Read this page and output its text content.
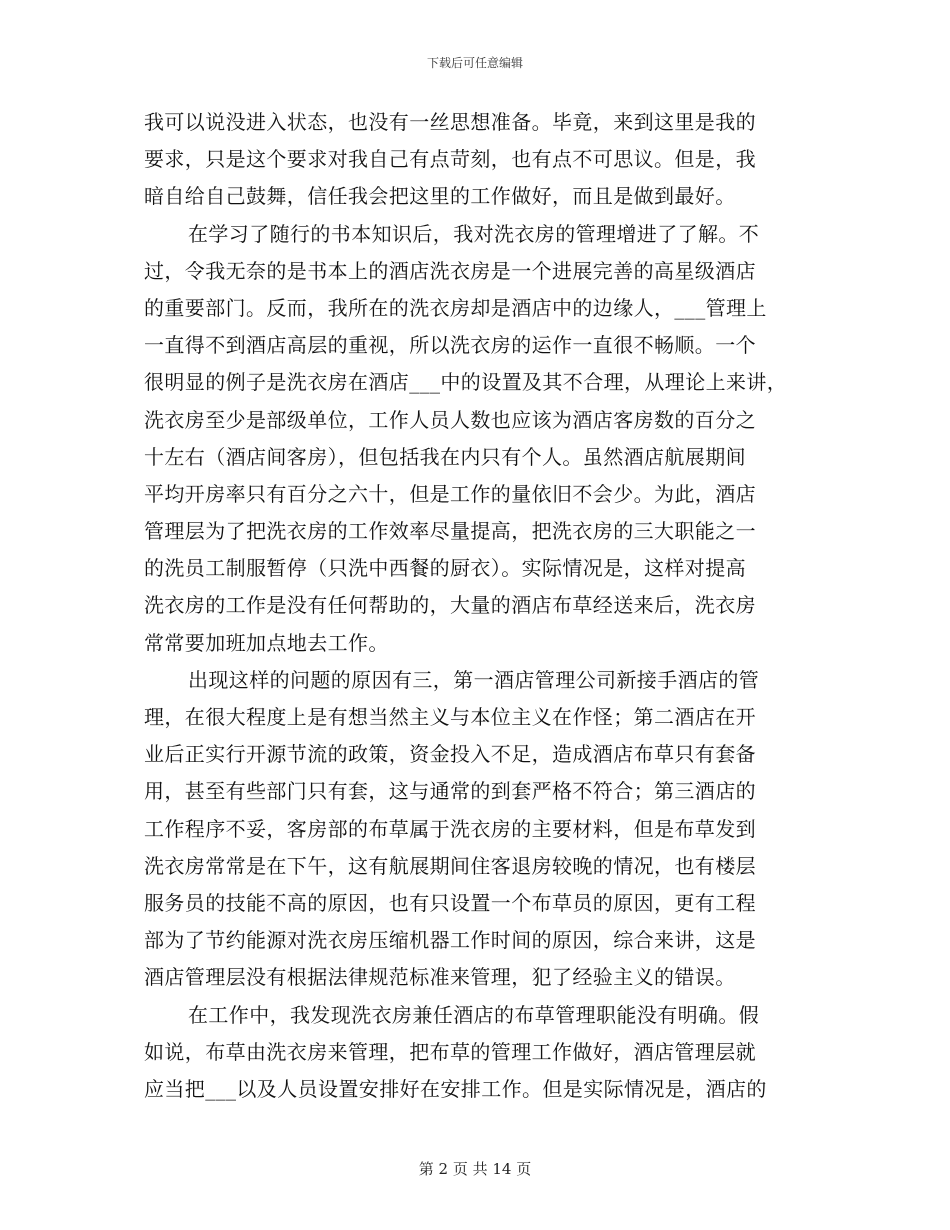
下载后可任意编辑
我可以说没进入状态，也没有一丝思想准备。毕竟，来到这里是我的
要求，只是这个要求对我自己有点苛刻，也有点不可思议。但是，我
暗自给自己鼓舞，信任我会把这里的工作做好，而且是做到最好。
在学习了随行的书本知识后，我对洗衣房的管理增进了了解。不
过，令我无奈的是书本上的酒店洗衣房是一个进展完善的高星级酒店
的重要部门。反而，我所在的洗衣房却是酒店中的边缘人，___管理上
一直得不到酒店高层的重视，所以洗衣房的运作一直很不畅顺。一个
很明显的例子是洗衣房在酒店___中的设置及其不合理，从理论上来讲，
洗衣房至少是部级单位，工作人员人数也应该为酒店客房数的百分之
十左右（酒店间客房），但包括我在内只有个人。虽然酒店航展期间
平均开房率只有百分之六十，但是工作的量依旧不会少。为此，酒店
管理层为了把洗衣房的工作效率尽量提高，把洗衣房的三大职能之一
的洗员工制服暂停（只洗中西餐的厨衣）。实际情况是，这样对提高
洗衣房的工作是没有任何帮助的，大量的酒店布草经送来后，洗衣房
常常要加班加点地去工作。
出现这样的问题的原因有三，第一酒店管理公司新接手酒店的管
理，在很大程度上是有想当然主义与本位主义在作怪；第二酒店在开
业后正实行开源节流的政策，资金投入不足，造成酒店布草只有套备
用，甚至有些部门只有套，这与通常的到套严格不符合；第三酒店的
工作程序不妥，客房部的布草属于洗衣房的主要材料，但是布草发到
洗衣房常常是在下午，这有航展期间住客退房较晚的情况，也有楼层
服务员的技能不高的原因，也有只设置一个布草员的原因，更有工程
部为了节约能源对洗衣房压缩机器工作时间的原因，综合来讲，这是
酒店管理层没有根据法律规范标准来管理，犯了经验主义的错误。
在工作中，我发现洗衣房兼任酒店的布草管理职能没有明确。假
如说，布草由洗衣房来管理，把布草的管理工作做好，酒店管理层就
应当把___以及人员设置安排好在安排工作。但是实际情况是，酒店的
第 2 页 共 14 页
